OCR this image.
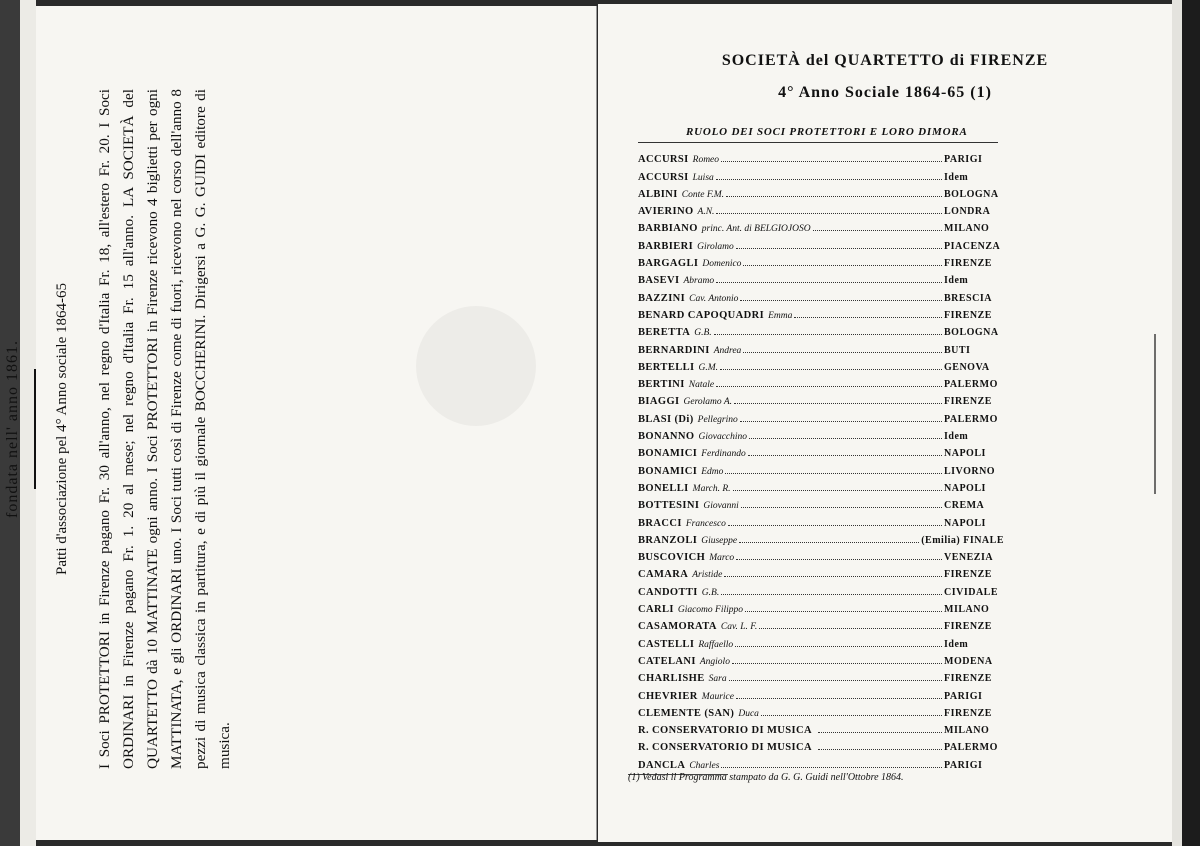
fondata nell' anno 1861. Patti d'associazione pel 4° Anno sociale 1864-65 I Soci PROTETTORI in Firenze pagano Fr. 30 all'anno, nel regno d'Italia Fr. 18, all'estero Fr. 20. I Soci ORDINARI in Firenze pagano Fr. 1. 20 al mese; nel regno d'Italia Fr. 15 all'anno. LA SOCIETÀ del QUARTETTO dà 10 MATTINATE ogni anno. I Soci PROTETTORI in Firenze ricevono 4 biglietti per ogni MATTINATA, e gli ORDINARI uno. I Soci tutti così di Firenze come di fuori, ricevono nel corso dell'anno 8 pezzi di musica classica in partitura, e di più il giornale BOCCHERINI. Dirigersi a G. G. GUIDI editore di musica.

SOCIETÀ del QUARTETTO di FIRENZE
4° Anno Sociale 1864-65 (1)
RUOLO DEI SOCI PROTETTORI E LORO DIMORA
ACCURSI Romeo	PARIGI
ACCURSI Luisa	Idem
ALBINI Conte F.M.	BOLOGNA
AVIERINO A.N.	LONDRA
BARBIANO princ. Ant. di BELGIOJOSO	MILANO
BARBIERI Girolamo	PIACENZA
BARGAGLI Domenico	FIRENZE
BASEVI Abramo	Idem
BAZZINI Cav. Antonio	BRESCIA
BENARD CAPOQUADRI Emma	FIRENZE
BERETTA G.B.	BOLOGNA
BERNARDINI Andrea	BUTI
BERTELLI G.M.	GENOVA
BERTINI Natale	PALERMO
BIAGGI Gerolamo A.	FIRENZE
BLASI (Di) Pellegrino	PALERMO
BONANNO Giovacchino	Idem
BONAMICI Ferdinando	NAPOLI
BONAMICI Edmo	LIVORNO
BONELLI March. R.	NAPOLI
BOTTESINI Giovanni	CREMA
BRACCI Francesco	NAPOLI
BRANZOLI Giuseppe	(Emilia) FINALE
BUSCOVICH Marco	VENEZIA
CAMARA Aristide	FIRENZE
CANDOTTI G.B.	CIVIDALE
CARLI Giacomo Filippo	MILANO
CASAMORATA Cav. L. F.	FIRENZE
CASTELLI Raffaello	Idem
CATELANI Angiolo	MODENA
CHARLISHE Sara	FIRENZE
CHEVRIER Maurice	PARIGI
CLEMENTE (SAN) Duca	FIRENZE
R. CONSERVATORIO DI MUSICA	MILANO
R. CONSERVATORIO DI MUSICA	PALERMO
DANCLA Charles	PARIGI
(1) Vedasi il Programma stampato da G. G. Guidi nell'Ottobre 1864.
